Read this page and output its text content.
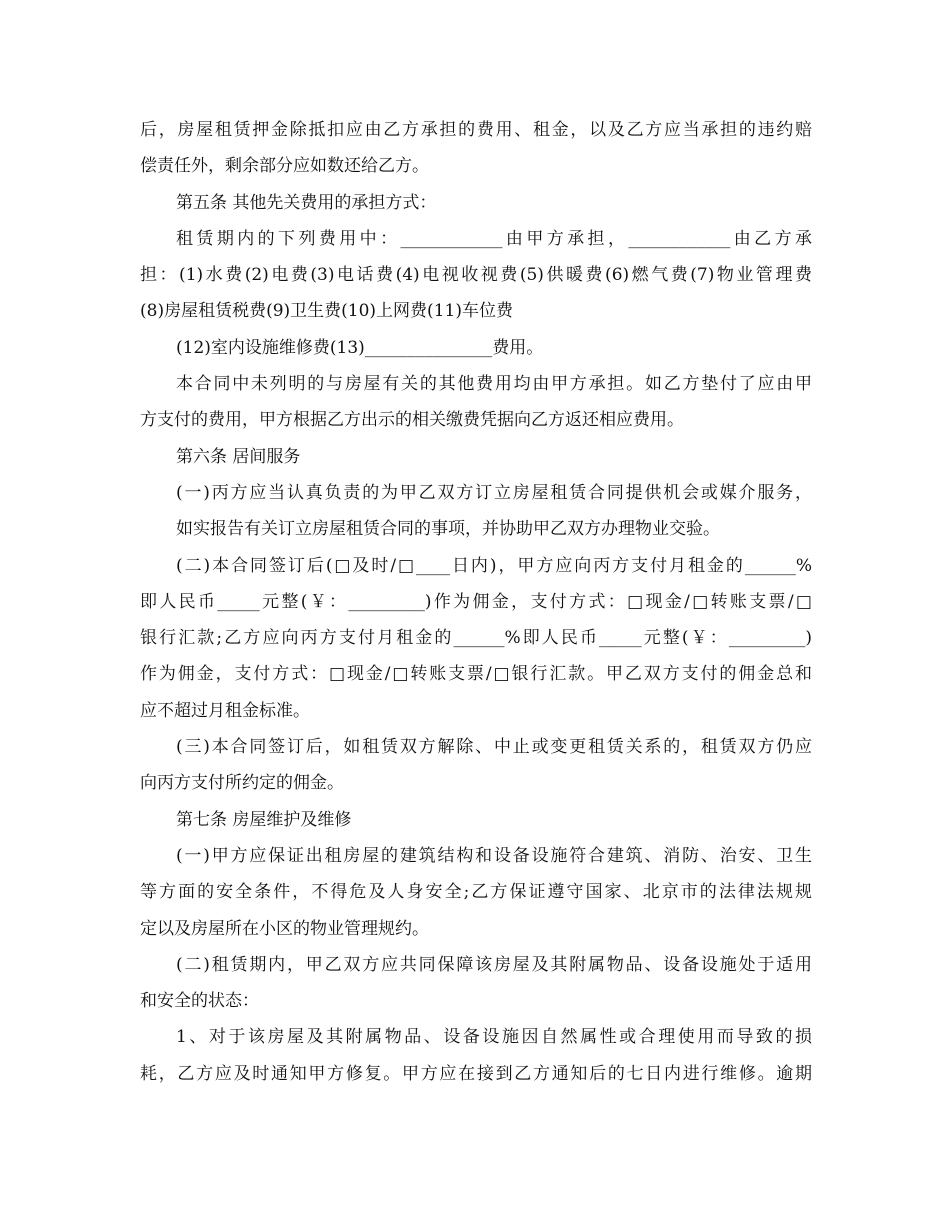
后，房屋租赁押金除抵扣应由乙方承担的费用、租金，以及乙方应当承担的违约赔
偿责任外，剩余部分应如数还给乙方。
第五条 其他先关费用的承担方式：
租赁期内的下列费用中：____________由甲方承担，____________由乙方承
担：(1)水费(2)电费(3)电话费(4)电视收视费(5)供暖费(6)燃气费(7)物业管理费
(8)房屋租赁税费(9)卫生费(10)上网费(11)车位费
(12)室内设施维修费(13)_______________费用。
本合同中未列明的与房屋有关的其他费用均由甲方承担。如乙方垫付了应由甲
方支付的费用，甲方根据乙方出示的相关缴费凭据向乙方返还相应费用。
第六条 居间服务
(一)丙方应当认真负责的为甲乙双方订立房屋租赁合同提供机会或媒介服务，
如实报告有关订立房屋租赁合同的事项，并协助甲乙双方办理物业交验。
(二)本合同签订后(□及时/□____日内)，甲方应向丙方支付月租金的______%
即人民币_____元整(￥：_________)作为佣金，支付方式：□现金/□转账支票/□
银行汇款;乙方应向丙方支付月租金的______%即人民币_____元整(￥：_________)
作为佣金，支付方式：□现金/□转账支票/□银行汇款。甲乙双方支付的佣金总和
应不超过月租金标准。
(三)本合同签订后，如租赁双方解除、中止或变更租赁关系的，租赁双方仍应
向丙方支付所约定的佣金。
第七条 房屋维护及维修
(一)甲方应保证出租房屋的建筑结构和设备设施符合建筑、消防、治安、卫生
等方面的安全条件，不得危及人身安全;乙方保证遵守国家、北京市的法律法规规
定以及房屋所在小区的物业管理规约。
(二)租赁期内，甲乙双方应共同保障该房屋及其附属物品、设备设施处于适用
和安全的状态：
1、对于该房屋及其附属物品、设备设施因自然属性或合理使用而导致的损
耗，乙方应及时通知甲方修复。甲方应在接到乙方通知后的七日内进行维修。逾期
